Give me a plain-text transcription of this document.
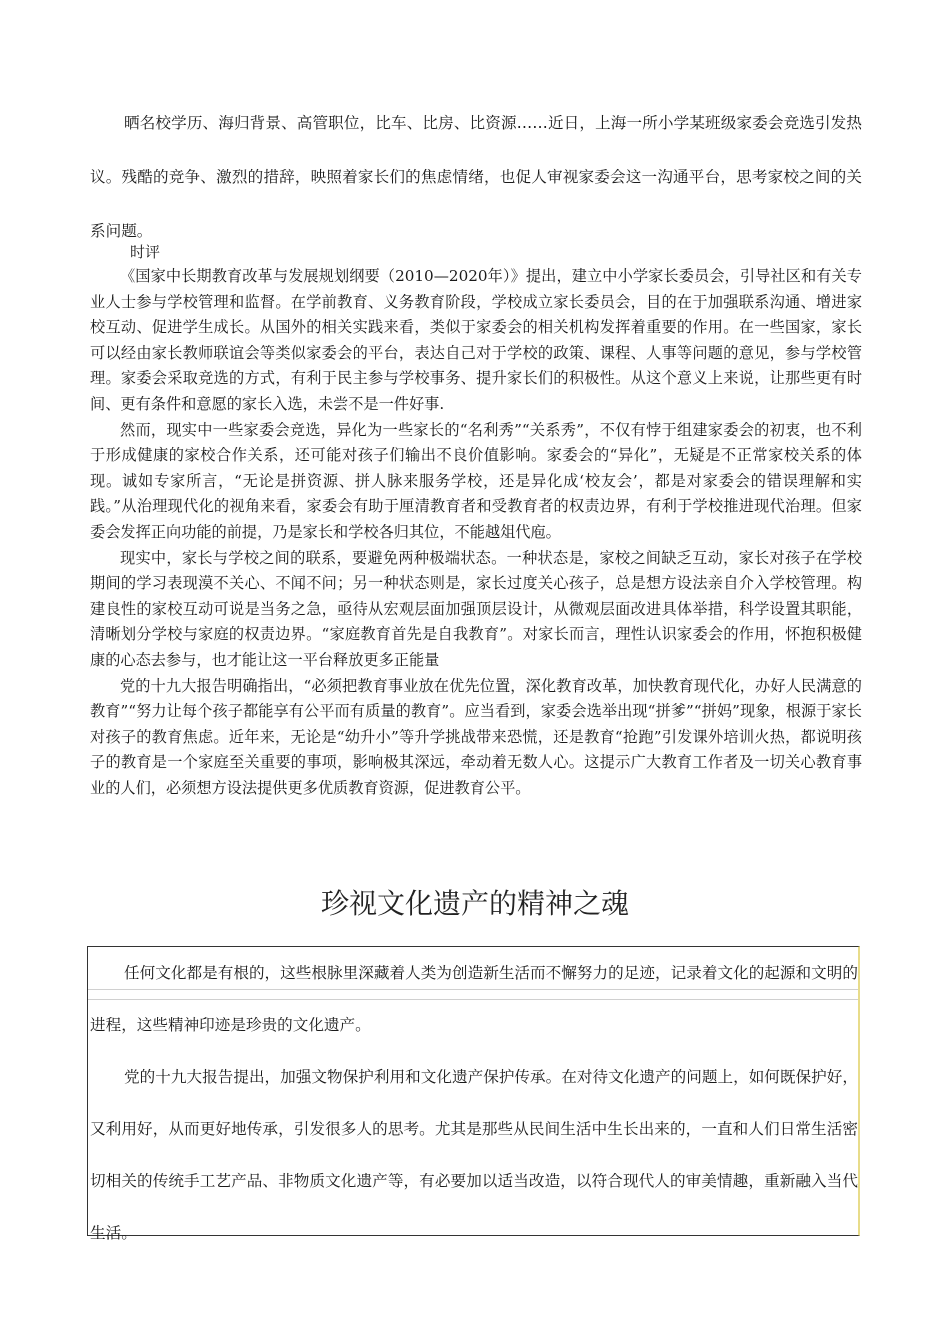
晒名校学历、海归背景、高管职位，比车、比房、比资源……近日，上海一所小学某班级家委会竞选引发热议。残酷的竞争、激烈的措辞，映照着家长们的焦虑情绪，也促人审视家委会这一沟通平台，思考家校之间的关系问题。

时评

《国家中长期教育改革与发展规划纲要（2010—2020年）》提出，建立中小学家长委员会，引导社区和有关专业人士参与学校管理和监督。在学前教育、义务教育阶段，学校成立家长委员会，目的在于加强联系沟通、增进家校互动、促进学生成长。从国外的相关实践来看，类似于家委会的相关机构发挥着重要的作用。在一些国家，家长可以经由家长教师联谊会等类似家委会的平台，表达自己对于学校的政策、课程、人事等问题的意见，参与学校管理。家委会采取竞选的方式，有利于民主参与学校事务、提升家长们的积极性。从这个意义上来说，让那些更有时间、更有条件和意愿的家长入选，未尝不是一件好事.

然而，现实中一些家委会竞选，异化为一些家长的“名利秀”“关系秀”，不仅有悖于组建家委会的初衷，也不利于形成健康的家校合作关系，还可能对孩子们输出不良价值影响。家委会的“异化”，无疑是不正常家校关系的体现。诚如专家所言，“无论是拼资源、拼人脉来服务学校，还是异化成‘校友会’，都是对家委会的错误理解和实践。”从治理现代化的视角来看，家委会有助于厘清教育者和受教育者的权责边界，有利于学校推进现代治理。但家委会发挥正向功能的前提，乃是家长和学校各归其位，不能越俎代庖。

现实中，家长与学校之间的联系，要避免两种极端状态。一种状态是，家校之间缺乏互动，家长对孩子在学校期间的学习表现漠不关心、不闻不问；另一种状态则是，家长过度关心孩子，总是想方设法亲自介入学校管理。构建良性的家校互动可说是当务之急，亟待从宏观层面加强顶层设计，从微观层面改进具体举措，科学设置其职能，清晰划分学校与家庭的权责边界。“家庭教育首先是自我教育”。对家长而言，理性认识家委会的作用，怀抱积极健康的心态去参与，也才能让这一平台释放更多正能量

党的十九大报告明确指出，“必须把教育事业放在优先位置，深化教育改革，加快教育现代化，办好人民满意的教育”“努力让每个孩子都能享有公平而有质量的教育”。应当看到，家委会选举出现“拼爹”“拼妈”现象，根源于家长对孩子的教育焦虑。近年来，无论是“幼升小”等升学挑战带来恐慌，还是教育“抢跑”引发课外培训火热，都说明孩子的教育是一个家庭至关重要的事项，影响极其深远，牵动着无数人心。这提示广大教育工作者及一切关心教育事业的人们，必须想方设法提供更多优质教育资源，促进教育公平。

珍视文化遗产的精神之魂

任何文化都是有根的，这些根脉里深藏着人类为创造新生活而不懈努力的足迹，记录着文化的起源和文明的进程，这些精神印迹是珍贵的文化遗产。

党的十九大报告提出，加强文物保护利用和文化遗产保护传承。在对待文化遗产的问题上，如何既保护好，又利用好，从而更好地传承，引发很多人的思考。尤其是那些从民间生活中生长出来的，一直和人们日常生活密切相关的传统手工艺产品、非物质文化遗产等，有必要加以适当改造，以符合现代人的审美情趣，重新融入当代生活。
